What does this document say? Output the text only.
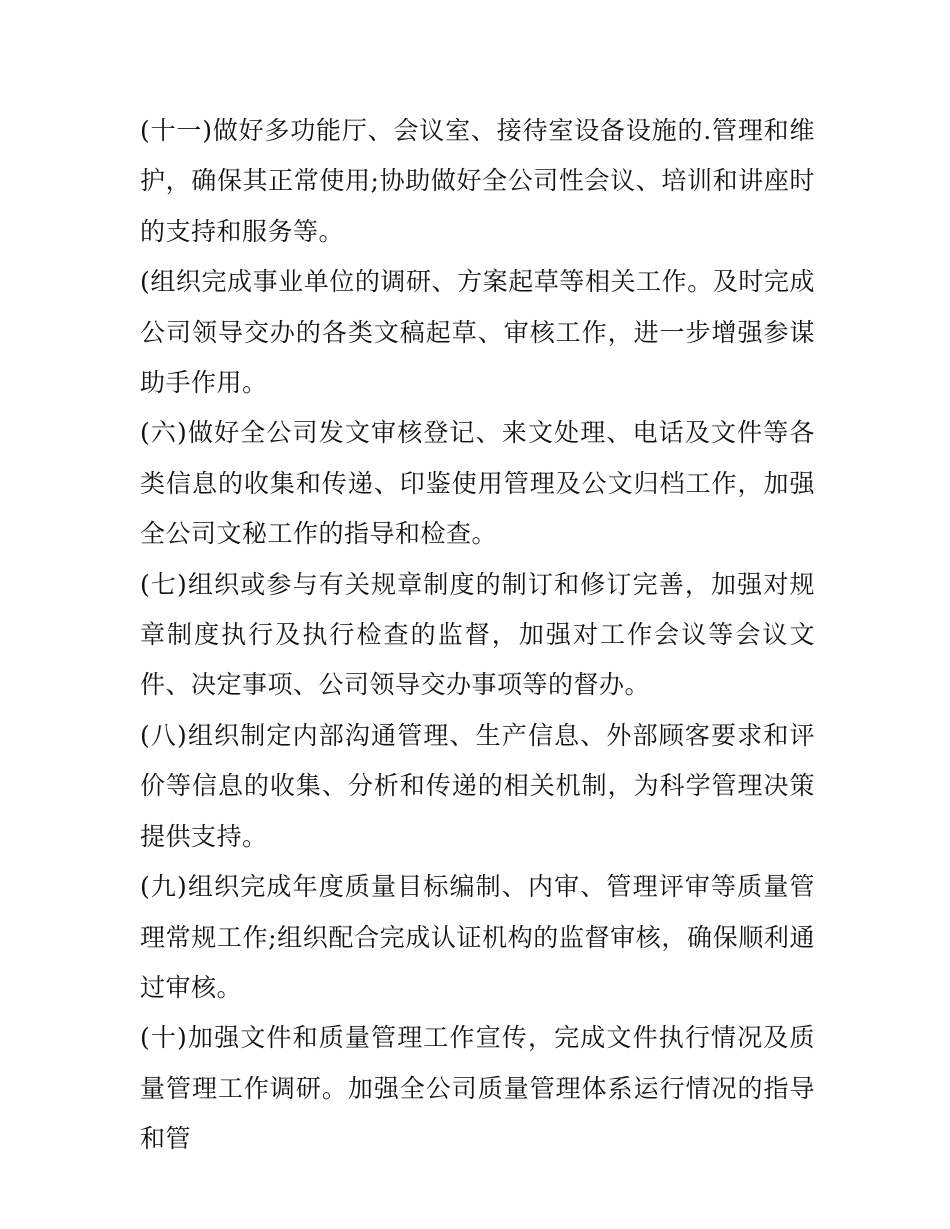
(十一)做好多功能厅、会议室、接待室设备设施的.管理和维护，确保其正常使用;协助做好全公司性会议、培训和讲座时的支持和服务等。

(组织完成事业单位的调研、方案起草等相关工作。及时完成公司领导交办的各类文稿起草、审核工作，进一步增强参谋助手作用。

(六)做好全公司发文审核登记、来文处理、电话及文件等各类信息的收集和传递、印鉴使用管理及公文归档工作，加强全公司文秘工作的指导和检查。

(七)组织或参与有关规章制度的制订和修订完善，加强对规章制度执行及执行检查的监督，加强对工作会议等会议文件、决定事项、公司领导交办事项等的督办。

(八)组织制定内部沟通管理、生产信息、外部顾客要求和评价等信息的收集、分析和传递的相关机制，为科学管理决策提供支持。

(九)组织完成年度质量目标编制、内审、管理评审等质量管理常规工作;组织配合完成认证机构的监督审核，确保顺利通过审核。

(十)加强文件和质量管理工作宣传，完成文件执行情况及质量管理工作调研。加强全公司质量管理体系运行情况的指导和管
